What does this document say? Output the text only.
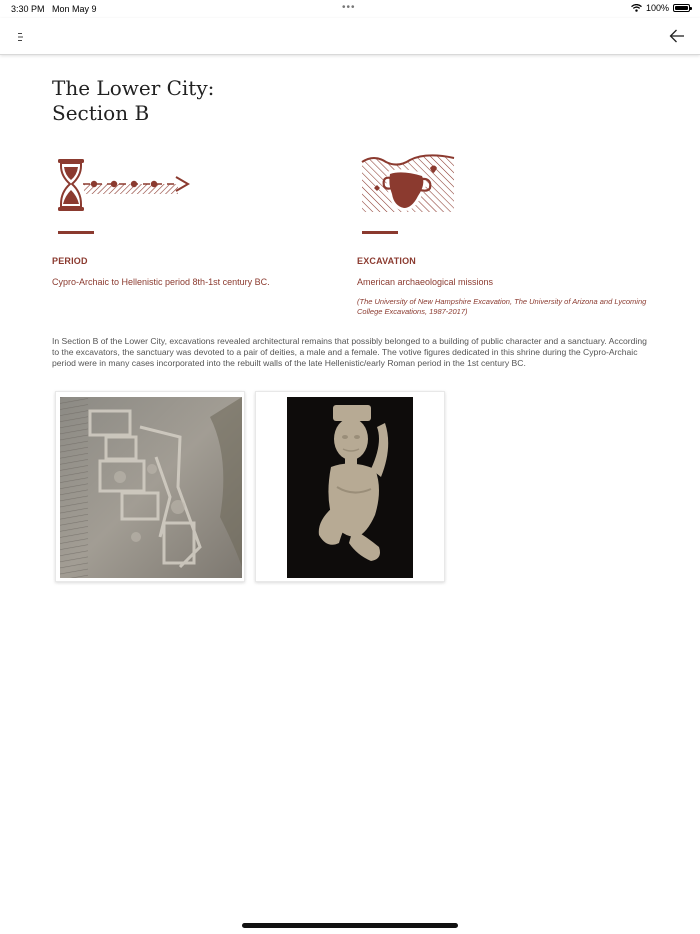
3:30 PM Mon May 9	•••	100%
The Lower City:
Section B
PERIOD
Cypro-Archaic to Hellenistic period 8th-1st century BC.
EXCAVATION
American archaeological missions
(The University of New Hampshire Excavation, The University of Arizona and Lycoming College Excavations, 1987-2017)

In Section B of the Lower City, excavations revealed architectural remains that possibly belonged to a building of public character and a sanctuary. According to the excavators, the sanctuary was devoted to a pair of deities, a male and a female. The votive figures dedicated in this shrine during the Cypro-Archaic period were in many cases incorporated into the rebuilt walls of the late Hellenistic/early Roman period in the 1st century BC.
